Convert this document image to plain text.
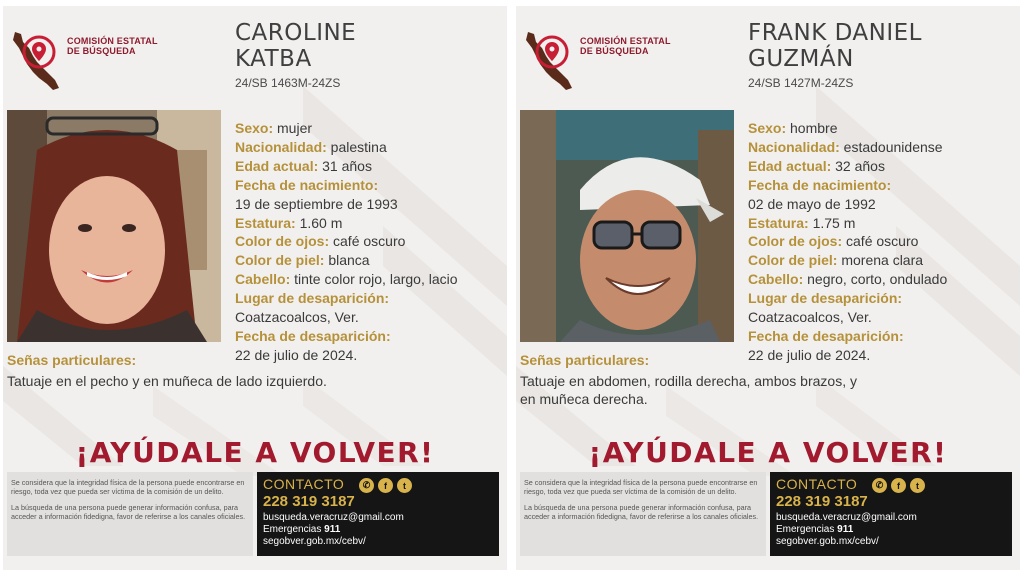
COMISIÓN ESTATAL
DE BÚSQUEDA
CAROLINE
KATBA
24/SB 1463M-24ZS
Sexo: mujer
Nacionalidad: palestina
Edad actual: 31 años
Fecha de nacimiento:
19 de septiembre de 1993
Estatura: 1.60 m
Color de ojos: café oscuro
Color de piel: blanca
Cabello: tinte color rojo, largo, lacio
Lugar de desaparición:
Coatzacoalcos, Ver.
Fecha de desaparición:
22 de julio de 2024.
Señas particulares:
Tatuaje en el pecho y en muñeca de lado izquierdo.
¡AYÚDALE A VOLVER!

Se considera que la integridad física de la persona puede encontrarse en riesgo, toda vez que pueda ser víctima de la comisión de un delito.

La búsqueda de una persona puede generar información confusa, para acceder a información fidedigna, favor de referirse a los canales oficiales.

CONTACTO	✆	f	t
228 319 3187
busqueda.veracruz@gmail.com
Emergencias 911
segobver.gob.mx/cebv/
COMISIÓN ESTATAL
DE BÚSQUEDA
FRANK DANIEL
GUZMÁN
24/SB 1427M-24ZS
Sexo: hombre
Nacionalidad: estadounidense
Edad actual: 32 años
Fecha de nacimiento:
02 de mayo de 1992
Estatura: 1.75 m
Color de ojos: café oscuro
Color de piel: morena clara
Cabello: negro, corto, ondulado
Lugar de desaparición:
Coatzacoalcos, Ver.
Fecha de desaparición:
22 de julio de 2024.
Señas particulares:
Tatuaje en abdomen, rodilla derecha, ambos brazos, y
en muñeca derecha.
¡AYÚDALE A VOLVER!

Se considera que la integridad física de la persona puede encontrarse en riesgo, toda vez que pueda ser víctima de la comisión de un delito.

La búsqueda de una persona puede generar información confusa, para acceder a información fidedigna, favor de referirse a los canales oficiales.

CONTACTO	✆	f	t
228 319 3187
busqueda.veracruz@gmail.com
Emergencias 911
segobver.gob.mx/cebv/
